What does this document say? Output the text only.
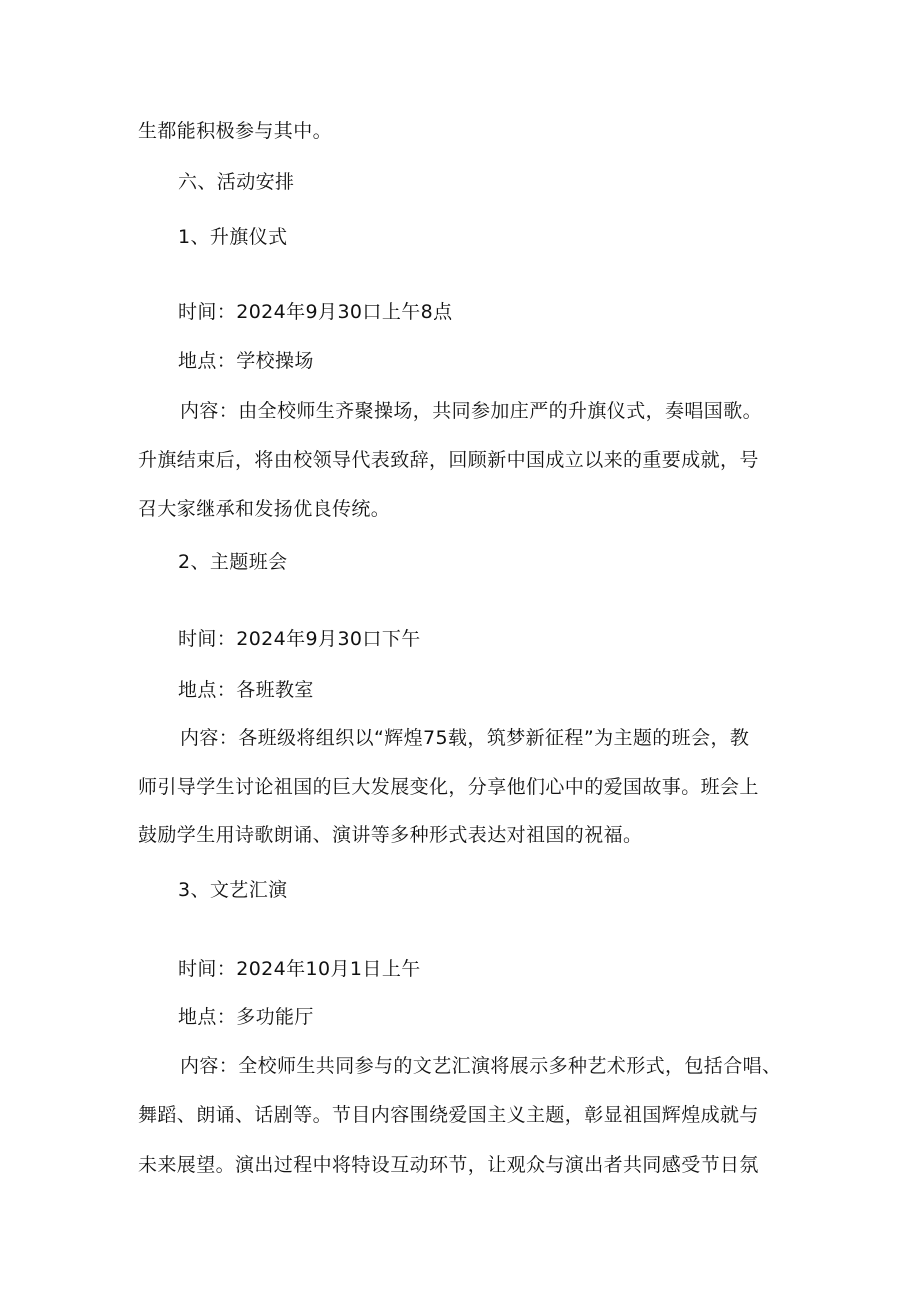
生都能积极参与其中。
六、活动安排
1、升旗仪式
时间：2024年9月30口上午8点
地点：学校操场
内容：由全校师生齐聚操场，共同参加庄严的升旗仪式，奏唱国歌。
升旗结束后，将由校领导代表致辞，回顾新中国成立以来的重要成就，号
召大家继承和发扬优良传统。
2、主题班会
时间：2024年9月30口下午
地点：各班教室
内容：各班级将组织以“辉煌75载，筑梦新征程”为主题的班会，教
师引导学生讨论祖国的巨大发展变化，分享他们心中的爱国故事。班会上
鼓励学生用诗歌朗诵、演讲等多种形式表达对祖国的祝福。
3、文艺汇演
时间：2024年10月1日上午
地点：多功能厅
内容：全校师生共同参与的文艺汇演将展示多种艺术形式，包括合唱、
舞蹈、朗诵、话剧等。节目内容围绕爱国主义主题，彰显祖国辉煌成就与
未来展望。演出过程中将特设互动环节，让观众与演出者共同感受节日氛
